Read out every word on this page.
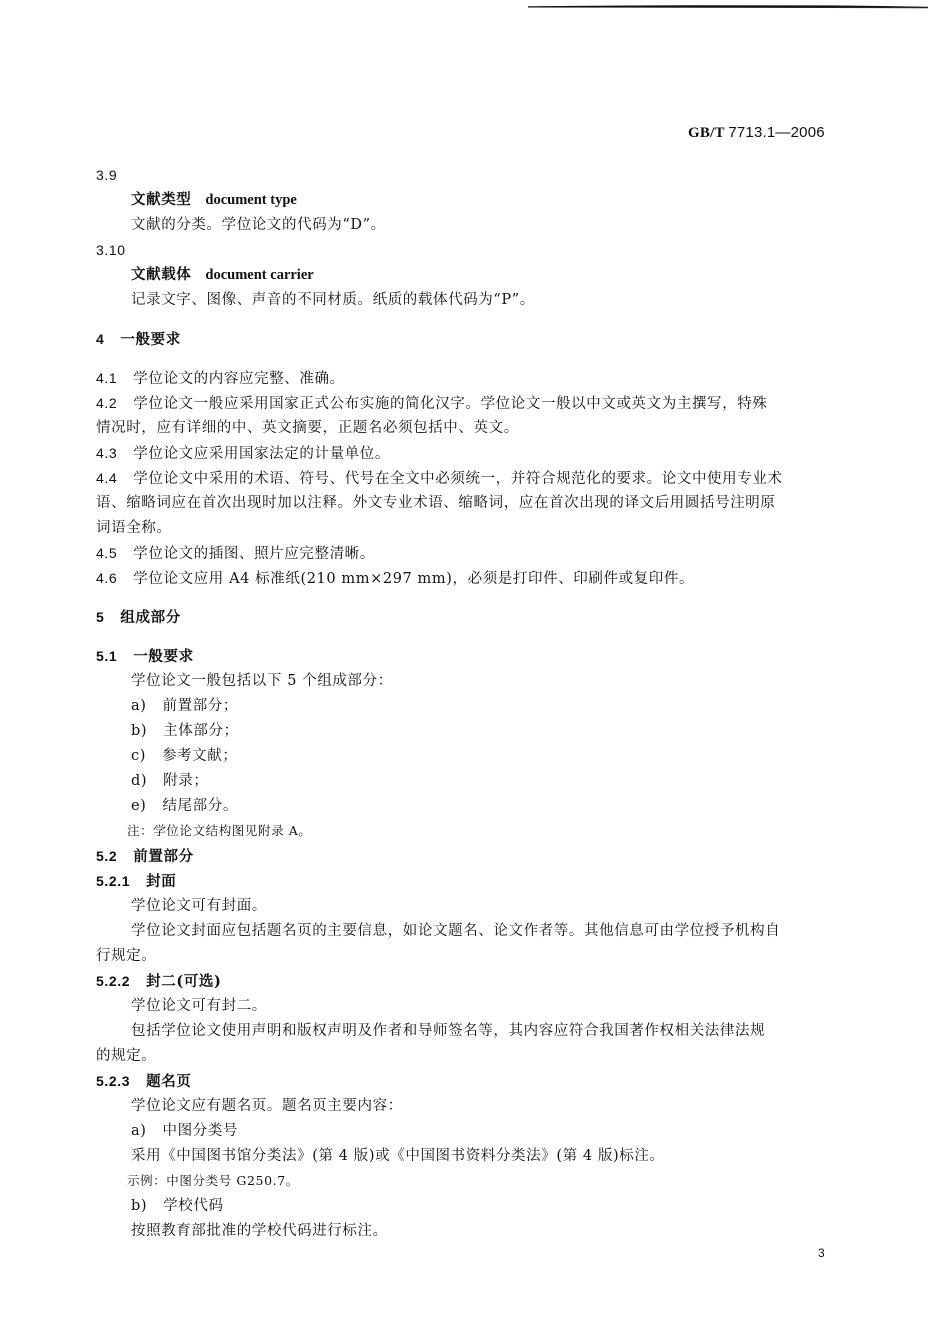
GB/T 7713.1—2006
3.9
文献类型 document type
文献的分类。学位论文的代码为“D”。
3.10
文献载体 document carrier
记录文字、图像、声音的不同材质。纸质的载体代码为“P”。
4 一般要求
4.1 学位论文的内容应完整、准确。
4.2 学位论文一般应采用国家正式公布实施的简化汉字。学位论文一般以中文或英文为主撰写，特殊
情况时，应有详细的中、英文摘要，正题名必须包括中、英文。
4.3 学位论文应采用国家法定的计量单位。
4.4 学位论文中采用的术语、符号、代号在全文中必须统一，并符合规范化的要求。论文中使用专业术
语、缩略词应在首次出现时加以注释。外文专业术语、缩略词，应在首次出现的译文后用圆括号注明原
词语全称。
4.5 学位论文的插图、照片应完整清晰。
4.6 学位论文应用 A4 标准纸(210 mm×297 mm)，必须是打印件、印刷件或复印件。
5 组成部分
5.1 一般要求
学位论文一般包括以下 5 个组成部分：
a) 前置部分；
b) 主体部分；
c) 参考文献；
d) 附录；
e) 结尾部分。
注：学位论文结构图见附录 A。
5.2 前置部分
5.2.1 封面
学位论文可有封面。
学位论文封面应包括题名页的主要信息，如论文题名、论文作者等。其他信息可由学位授予机构自
行规定。
5.2.2 封二(可选)
学位论文可有封二。
包括学位论文使用声明和版权声明及作者和导师签名等，其内容应符合我国著作权相关法律法规
的规定。
5.2.3 题名页
学位论文应有题名页。题名页主要内容：
a) 中图分类号
采用《中国图书馆分类法》(第 4 版)或《中国图书资料分类法》(第 4 版)标注。
示例：中图分类号 G250.7。
b) 学校代码
按照教育部批准的学校代码进行标注。
3
